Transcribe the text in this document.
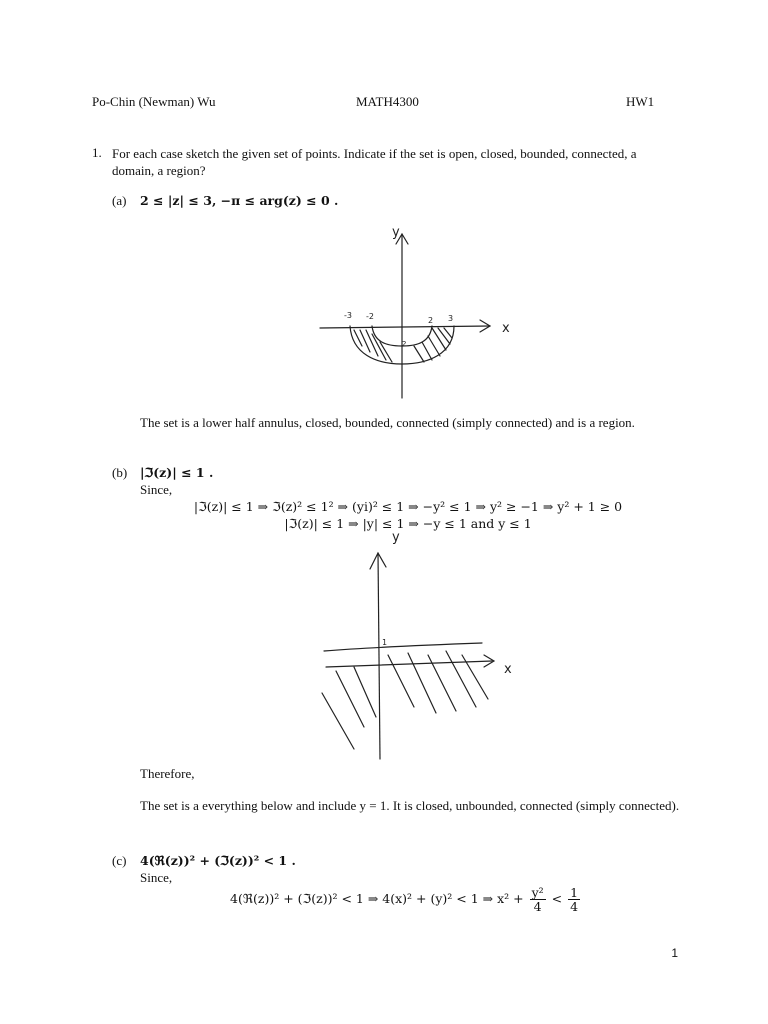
Po-Chin (Newman) Wu	MATH4300	HW1
1. For each case sketch the given set of points. Indicate if the set is open, closed, bounded, connected, a domain, a region?
(a) 2 ≤ |z| ≤ 3, −π ≤ arg(z) ≤ 0 .
y
x
-3 -2	2 3
2
The set is a lower half annulus, closed, bounded, connected (simply connected) and is a region.
(b) |ℑ(z)| ≤ 1 .
Since,
|ℑ(z)| ≤ 1 ⇒ ℑ(z)² ≤ 1² ⇒ (yi)² ≤ 1 ⇒ −y² ≤ 1 ⇒ y² ≥ −1 ⇒ y² + 1 ≥ 0
|ℑ(z)| ≤ 1 ⇒ |y| ≤ 1 ⇒ −y ≤ 1 and y ≤ 1
y
1
x
Therefore,
The set is a everything below and include y = 1. It is closed, unbounded, connected (simply connected).
(c) 4(ℜ(z))² + (ℑ(z))² < 1 .
Since,
4(ℜ(z))² + (ℑ(z))² < 1 ⇒ 4(x)² + (y)² < 1 ⇒ $x^2 + \frac{\text{y²}}{4} < \frac{1}{4}$
1
